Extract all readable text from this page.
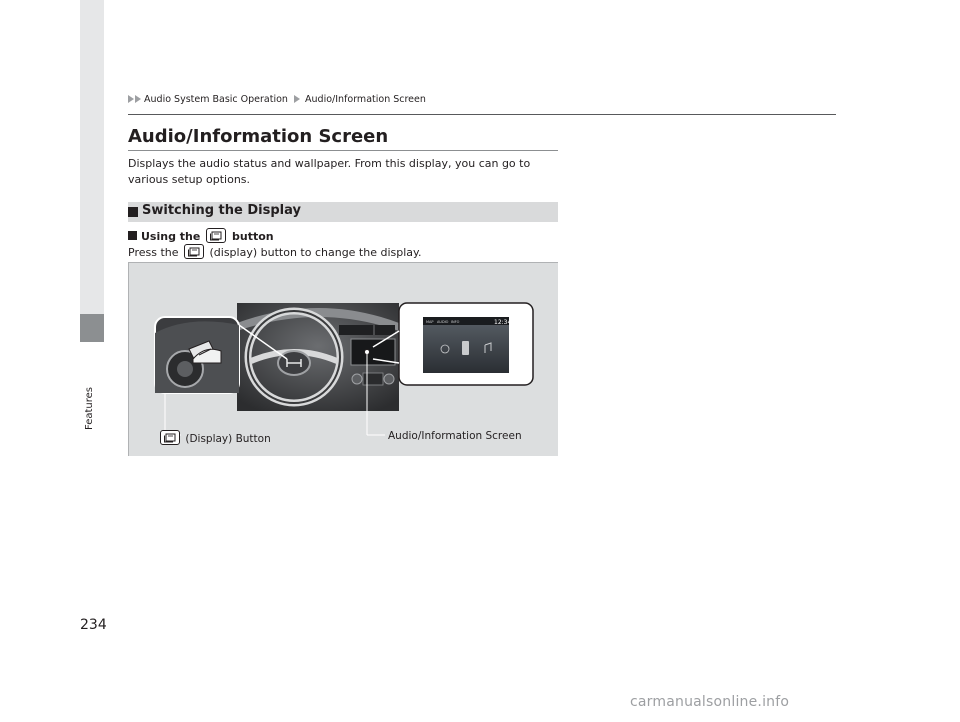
Features
234
Audio System Basic Operation Audio/Information Screen
Audio/Information Screen
Displays the audio status and wallpaper. From this display, you can go to various setup options.
Switching the Display
Using the	button
Press the	(display) button to change the display.
MAP AUDIO INFO	12:34
(Display) Button	Audio/Information Screen
carmanualsonline.info
